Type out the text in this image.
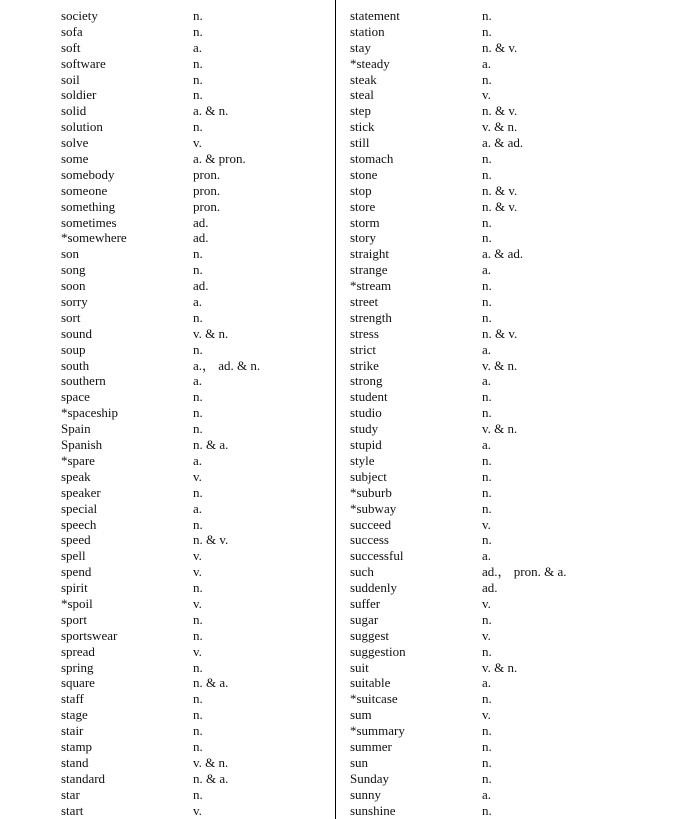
society	n.
sofa	n.
soft	a.
software	n.
soil	n.
soldier	n.
solid	a. & n.
solution	n.
solve	v.
some	a. & pron.
somebody	pron.
someone	pron.
something	pron.
sometimes	ad.
*somewhere	ad.
son	n.
song	n.
soon	ad.
sorry	a.
sort	n.
sound	v. & n.
soup	n.
south	a.， ad. & n.
southern	a.
space	n.
*spaceship	n.
Spain	n.
Spanish	n. & a.
*spare	a.
speak	v.
speaker	n.
special	a.
speech	n.
speed	n. & v.
spell	v.
spend	v.
spirit	n.
*spoil	v.
sport	n.
sportswear	n.
spread	v.
spring	n.
square	n. & a.
staff	n.
stage	n.
stair	n.
stamp	n.
stand	v. & n.
standard	n. & a.
star	n.
start	v.
statement	n.
station	n.
stay	n. & v.
*steady	a.
steak	n.
steal	v.
step	n. & v.
stick	v. & n.
still	a. & ad.
stomach	n.
stone	n.
stop	n. & v.
store	n. & v.
storm	n.
story	n.
straight	a. & ad.
strange	a.
*stream	n.
street	n.
strength	n.
stress	n. & v.
strict	a.
strike	v. & n.
strong	a.
student	n.
studio	n.
study	v. & n.
stupid	a.
style	n.
subject	n.
*suburb	n.
*subway	n.
succeed	v.
success	n.
successful	a.
such	ad.， pron. & a.
suddenly	ad.
suffer	v.
sugar	n.
suggest	v.
suggestion	n.
suit	v. & n.
suitable	a.
*suitcase	n.
sum	v.
*summary	n.
summer	n.
sun	n.
Sunday	n.
sunny	a.
sunshine	n.
